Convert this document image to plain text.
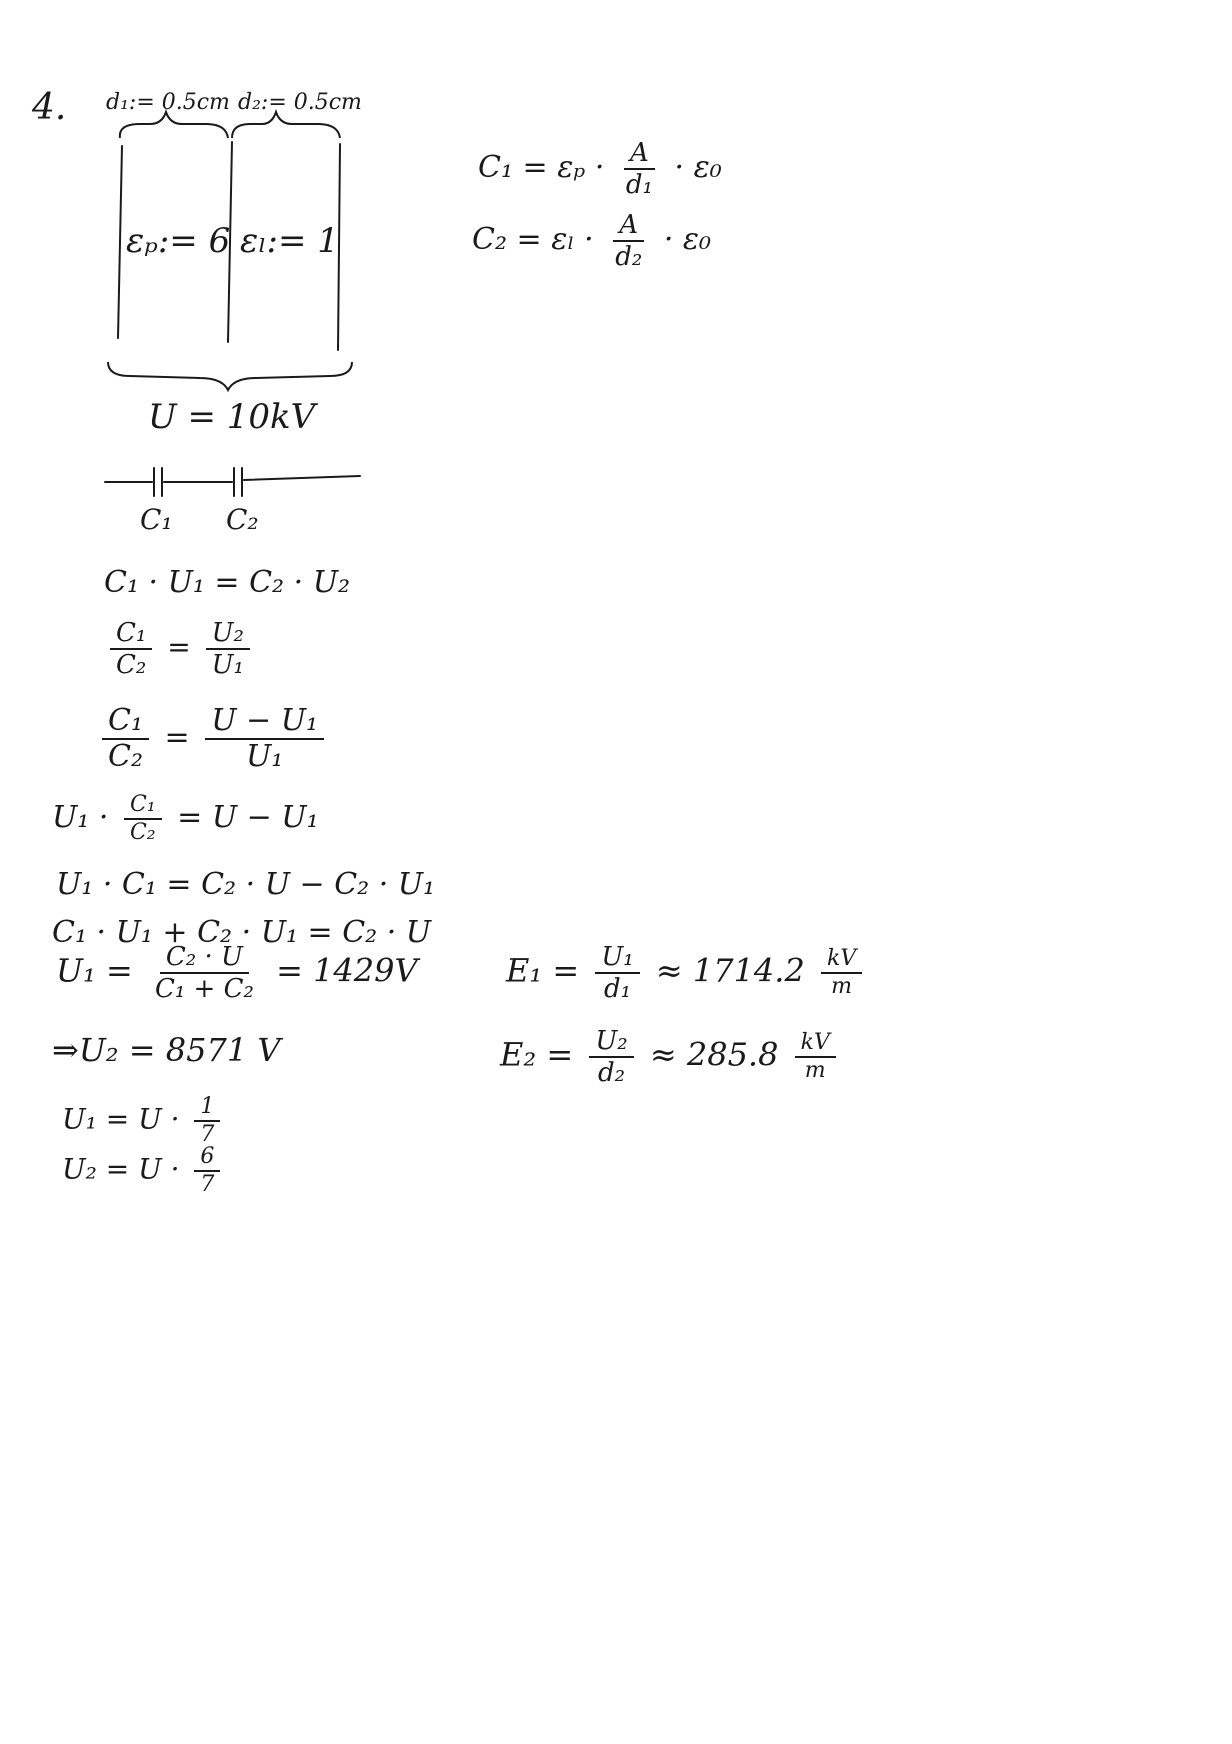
4. d₁:= 0.5cm d₂:= 0.5cm
εₚ:= 6 εₗ:= 1
U = 10kV
C₁ C₂
$C_1 = \varepsilon_p \cdot \frac{A}{\text{d₁}} \cdot \varepsilon_0$
$C_2 = \varepsilon_l \cdot \frac{A}{\text{d₂}} \cdot \varepsilon_0$
C₁ · U₁ = C₂ · U₂
$\frac{\text{C₁}}{\text{C₂}} = \frac{\text{U₂}}{\text{U₁}}$
$\frac{\text{C₁}}{\text{C₂}} = \frac{\text{U − U₁}}{\text{U₁}}$
$U_1 \cdot \frac{\text{C₁}}{\text{C₂}} = U - U_1$
U₁ · C₁ = C₂ · U − C₂ · U₁
C₁ · U₁ + C₂ · U₁ = C₂ · U
$U_1 = \frac{\text{C₂ · U}}{\text{C₁ + C₂}} = 1429V$
⇒U₂ = 8571 V
$U_1 = U \cdot \frac{1}{7}$
$U_2 = U \cdot \frac{6}{7}$
$E_1 = \frac{\text{U₁}}{\text{d₁}} \approx 1714.2 \frac{kV}{m}$
$E_2 = \frac{\text{U₂}}{\text{d₂}} \approx 285.8 \frac{kV}{m}$
